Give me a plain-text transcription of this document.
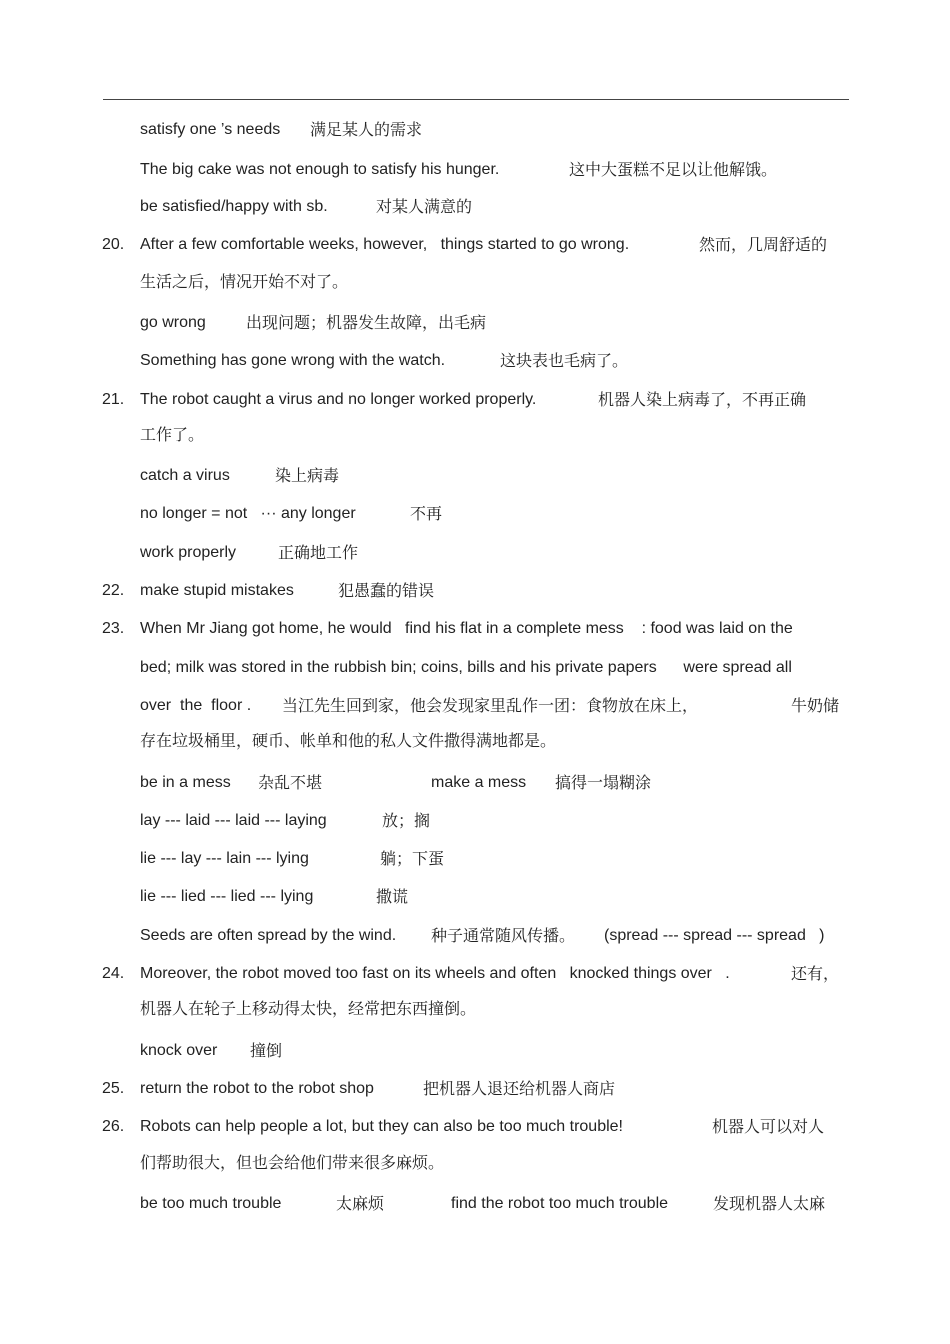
satisfy one ’s needs 满足某人的需求
The big cake was not enough to satisfy his hunger.	这中大蛋糕不足以让他解饿。
be satisfied/happy with sb.	对某人满意的
20. After a few comfortable weeks, however,   things started to go wrong.	然而，几周舒适的
生活之后，情况开始不对了。
go wrong	出现问题；机器发生故障，出毛病
Something has gone wrong with the watch.	这块表也毛病了。
21. The robot caught a virus and no longer worked properly.	机器人染上病毒了，不再正确
工作了。
catch a virus	染上病毒
no longer = not   ··· any longer	不再
work properly	正确地工作
22. make stupid mistakes	犯愚蠢的错误
23. When Mr Jiang got home, he would   find his flat in a complete mess    : food was laid on the
bed; milk was stored in the rubbish bin; coins, bills and his private papers      were spread all
over  the  floor . 当江先生回到家，他会发现家里乱作一团：食物放在床上，	牛奶储
存在垃圾桶里，硬币、帐单和他的私人文件撒得满地都是。
be in a mess 杂乱不堪	make a mess 搞得一塌糊涂
lay --- laid --- laid --- laying	放；搁
lie --- lay --- lain --- lying	躺；下蛋
lie --- lied --- lied --- lying	撒谎
Seeds are often spread by the wind. 种子通常随风传播。 (spread --- spread --- spread   )
24. Moreover, the robot moved too fast on its wheels and often   knocked things over   .	还有，
机器人在轮子上移动得太快，经常把东西撞倒。
knock over 撞倒
25. return the robot to the robot shop	把机器人退还给机器人商店
26. Robots can help people a lot, but they can also be too much trouble!	机器人可以对人
们帮助很大，但也会给他们带来很多麻烦。
be too much trouble	太麻烦	find the robot too much trouble	发现机器人太麻
